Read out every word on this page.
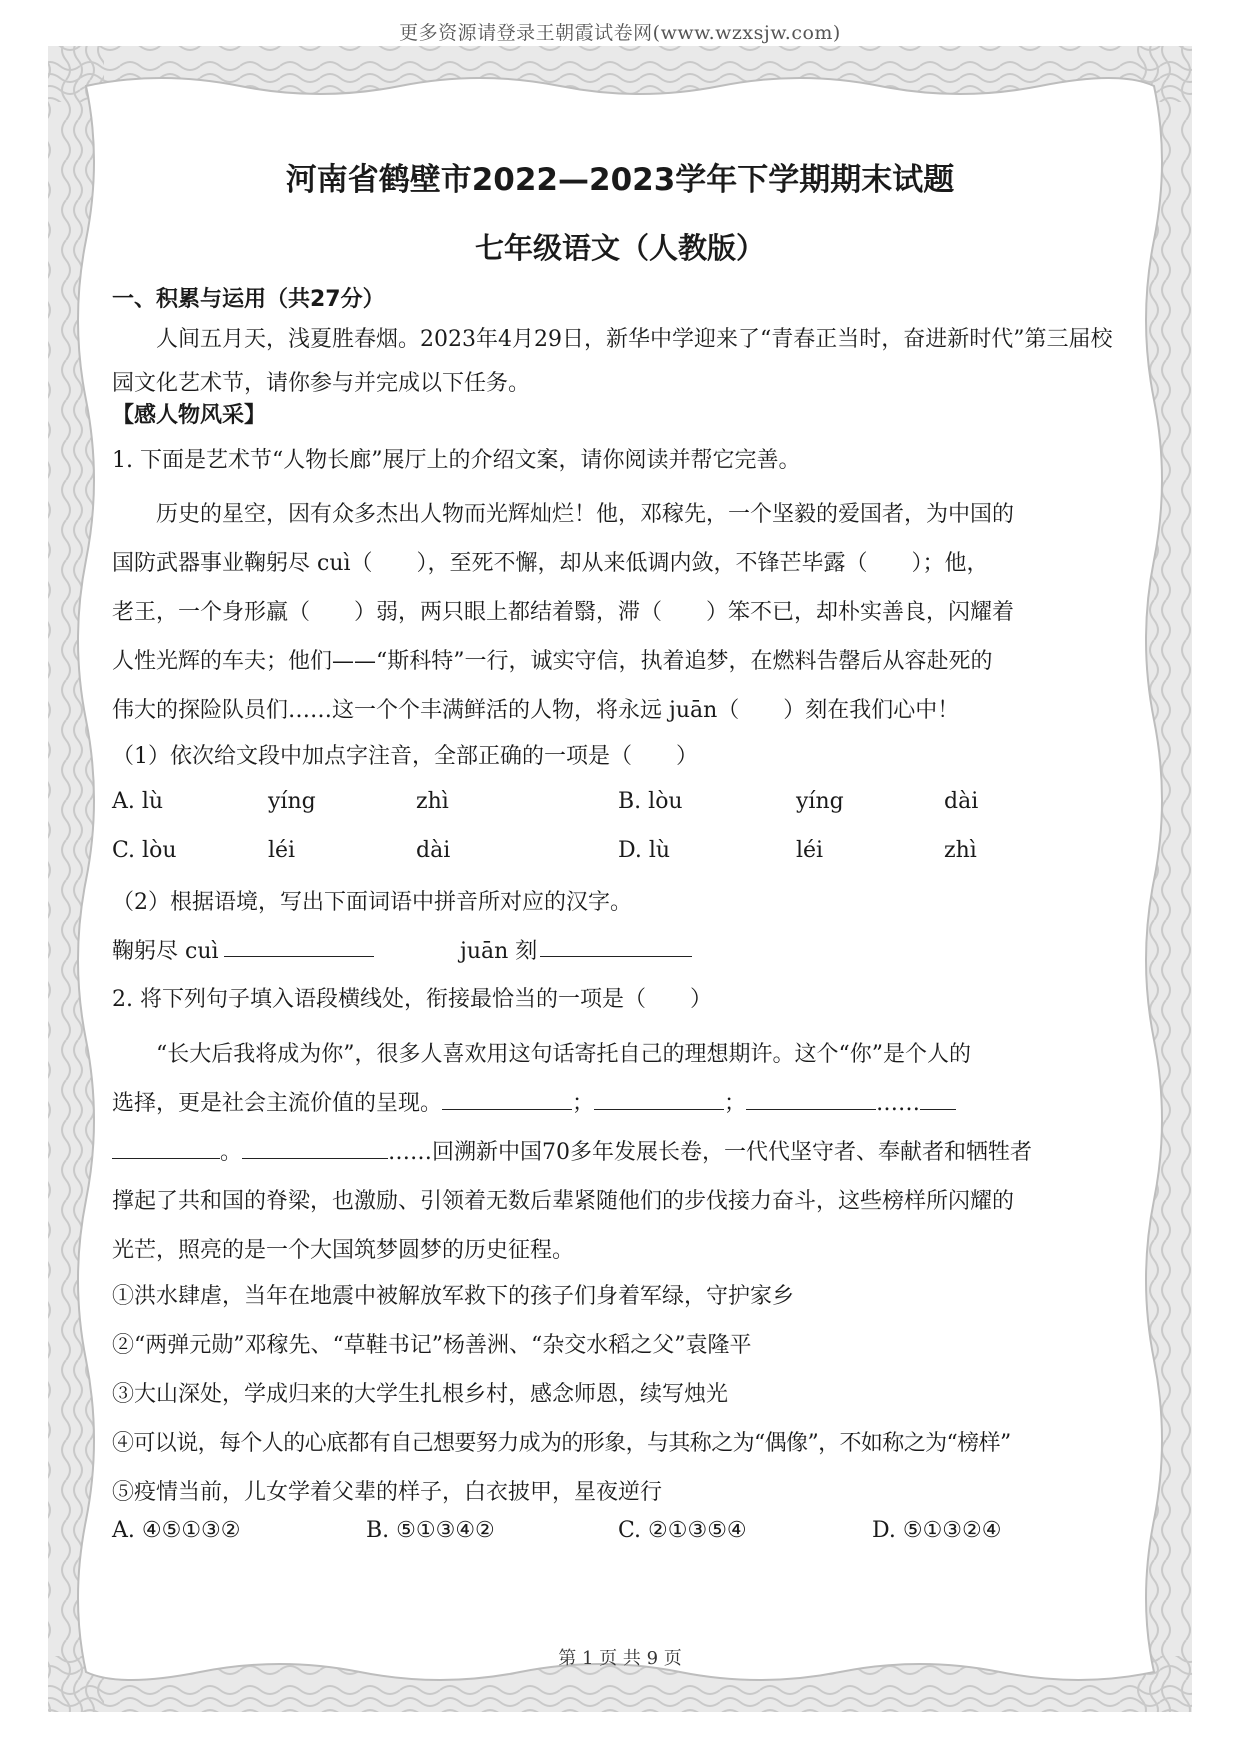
更多资源请登录王朝霞试卷网(www.wzxsjw.com)
河南省鹤壁市2022—2023学年下学期期末试题
七年级语文（人教版）
一、积累与运用（共27分）
人间五月天，浅夏胜春烟。2023年4月29日，新华中学迎来了“青春正当时，奋进新时代”第三届校园文化艺术节，请你参与并完成以下任务。
【感人物风采】
1. 下面是艺术节“人物长廊”展厅上的介绍文案，请你阅读并帮它完善。
历史的星空，因有众多杰出人物而光辉灿烂！他，邓稼先，一个坚毅的爱国者，为中国的
国防武器事业鞠躬尽 cuì（　　），至死不懈，却从来低调内敛，不锋芒毕露（　　）；他，
老王，一个身形羸（　　）弱，两只眼上都结着翳，滞（　　）笨不已，却朴实善良，闪耀着
人性光辉的车夫；他们——“斯科特”一行，诚实守信，执着追梦，在燃料告罄后从容赴死的
伟大的探险队员们……这一个个丰满鲜活的人物，将永远 juān（　　）刻在我们心中！
（1）依次给文段中加点字注音，全部正确的一项是（　　）
A. lù	yíng	zhì	B. lòu	yíng	dài
C. lòu	léi	dài	D. lù	léi	zhì
（2）根据语境，写出下面词语中拼音所对应的汉字。
鞠躬尽 cuì	juān 刻
2. 将下列句子填入语段横线处，衔接最恰当的一项是（　　）
“长大后我将成为你”，很多人喜欢用这句话寄托自己的理想期许。这个“你”是个人的
选择，更是社会主流价值的呈现。	；	；	……
。	……回溯新中国70多年发展长卷，一代代坚守者、奉献者和牺牲者
撑起了共和国的脊梁，也激励、引领着无数后辈紧随他们的步伐接力奋斗，这些榜样所闪耀的
光芒，照亮的是一个大国筑梦圆梦的历史征程。
①洪水肆虐，当年在地震中被解放军救下的孩子们身着军绿，守护家乡
②“两弹元勋”邓稼先、“草鞋书记”杨善洲、“杂交水稻之父”袁隆平
③大山深处，学成归来的大学生扎根乡村，感念师恩，续写烛光
④可以说，每个人的心底都有自己想要努力成为的形象，与其称之为“偶像”，不如称之为“榜样”
⑤疫情当前，儿女学着父辈的样子，白衣披甲，星夜逆行
A. ④⑤①③②	B. ⑤①③④②	C. ②①③⑤④	D. ⑤①③②④
第 1 页 共 9 页
